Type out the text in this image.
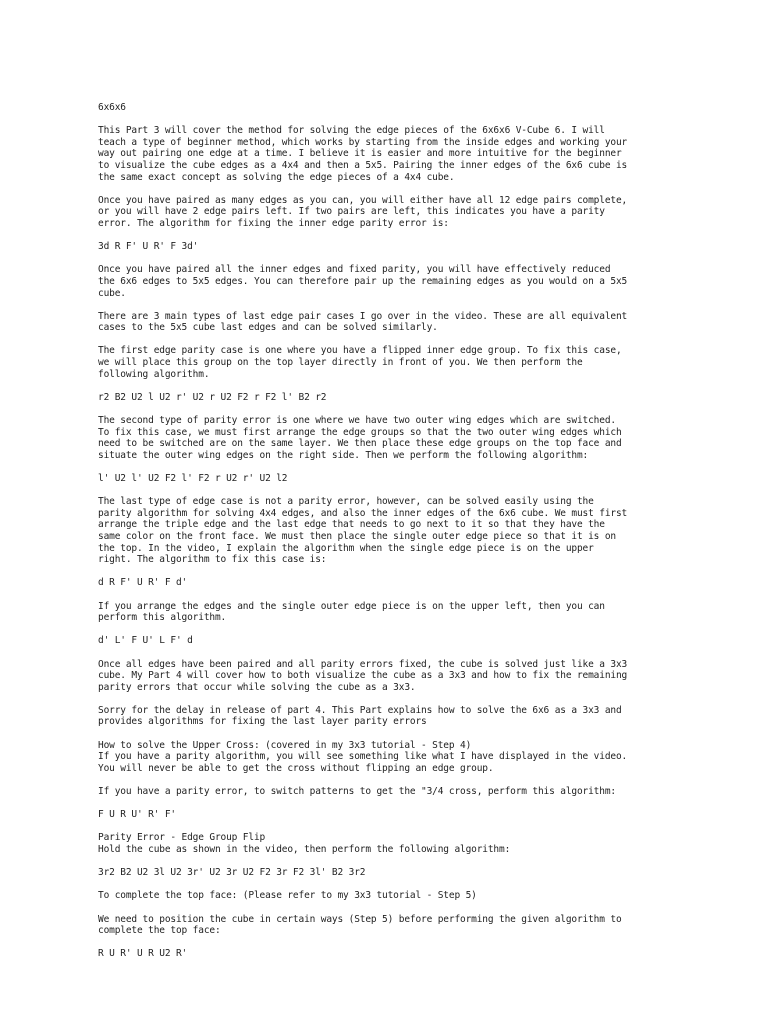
6x6x6

This Part 3 will cover the method for solving the edge pieces of the 6x6x6 V-Cube 6. I will

teach a type of beginner method, which works by starting from the inside edges and working your

way out pairing one edge at a time. I believe it is easier and more intuitive for the beginner

to visualize the cube edges as a 4x4 and then a 5x5. Pairing the inner edges of the 6x6 cube is

the same exact concept as solving the edge pieces of a 4x4 cube.

Once you have paired as many edges as you can, you will either have all 12 edge pairs complete,

or you will have 2 edge pairs left. If two pairs are left, this indicates you have a parity

error. The algorithm for fixing the inner edge parity error is:

3d R F' U R' F 3d'

Once you have paired all the inner edges and fixed parity, you will have effectively reduced

the 6x6 edges to 5x5 edges. You can therefore pair up the remaining edges as you would on a 5x5

cube.

There are 3 main types of last edge pair cases I go over in the video. These are all equivalent

cases to the 5x5 cube last edges and can be solved similarly.

The first edge parity case is one where you have a flipped inner edge group. To fix this case,

we will place this group on the top layer directly in front of you. We then perform the

following algorithm.

r2 B2 U2 l U2 r' U2 r U2 F2 r F2 l' B2 r2

The second type of parity error is one where we have two outer wing edges which are switched.

To fix this case, we must first arrange the edge groups so that the two outer wing edges which

need to be switched are on the same layer. We then place these edge groups on the top face and

situate the outer wing edges on the right side. Then we perform the following algorithm:

l' U2 l' U2 F2 l' F2 r U2 r' U2 l2

The last type of edge case is not a parity error, however, can be solved easily using the

parity algorithm for solving 4x4 edges, and also the inner edges of the 6x6 cube. We must first

arrange the triple edge and the last edge that needs to go next to it so that they have the

same color on the front face. We must then place the single outer edge piece so that it is on

the top. In the video, I explain the algorithm when the single edge piece is on the upper

right. The algorithm to fix this case is:

d R F' U R' F d'

If you arrange the edges and the single outer edge piece is on the upper left, then you can

perform this algorithm.

d' L' F U' L F' d

Once all edges have been paired and all parity errors fixed, the cube is solved just like a 3x3

cube. My Part 4 will cover how to both visualize the cube as a 3x3 and how to fix the remaining

parity errors that occur while solving the cube as a 3x3.

Sorry for the delay in release of part 4. This Part explains how to solve the 6x6 as a 3x3 and

provides algorithms for fixing the last layer parity errors

How to solve the Upper Cross: (covered in my 3x3 tutorial - Step 4)

If you have a parity algorithm, you will see something like what I have displayed in the video.

You will never be able to get the cross without flipping an edge group.

If you have a parity error, to switch patterns to get the "3/4 cross, perform this algorithm:

F U R U' R' F'

Parity Error - Edge Group Flip

Hold the cube as shown in the video, then perform the following algorithm:

3r2 B2 U2 3l U2 3r' U2 3r U2 F2 3r F2 3l' B2 3r2

To complete the top face: (Please refer to my 3x3 tutorial - Step 5)

We need to position the cube in certain ways (Step 5) before performing the given algorithm to

complete the top face:

R U R' U R U2 R'
